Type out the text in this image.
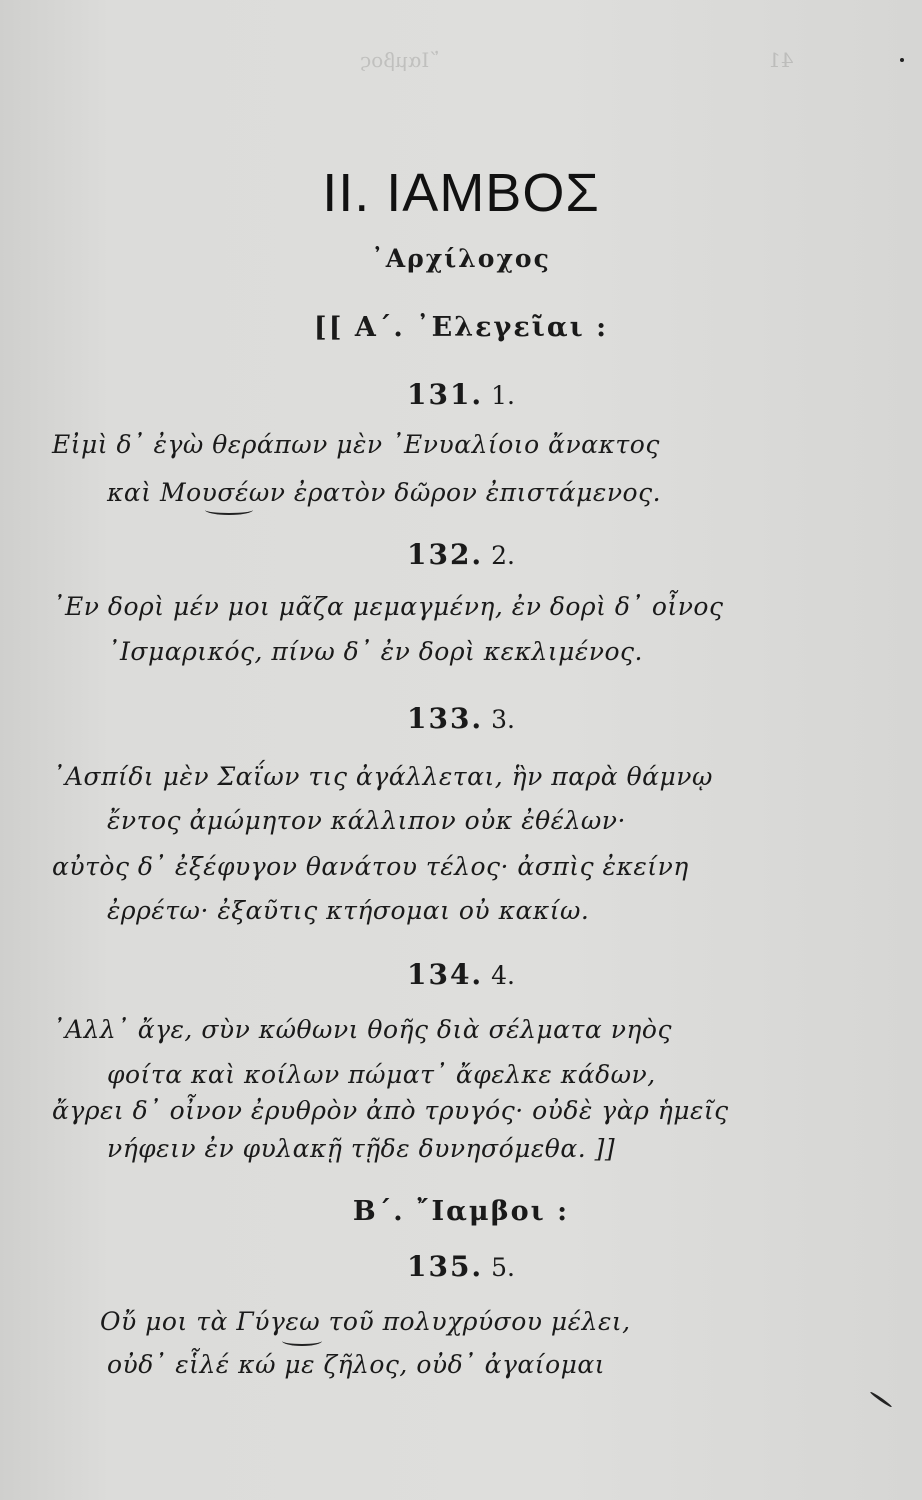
῞Ιαμβος	41
II. ΙΑΜΒΟΣ
᾿Αρχίλοχος
[[ Α΄. ᾿Ελεγεῖαι :
131. 1.
Εἰμὶ δ᾿ ἐγὼ θεράπων μὲν ᾿Ενυαλίοιο ἄνακτος
καὶ Μουσέων ἐρατὸν δῶρον ἐπιστάμενος.
132. 2.
᾿Εν δορὶ μέν μοι μᾶζα μεμαγμένη, ἐν δορὶ δ᾿ οἶνος
᾿Ισμαρικός, πίνω δ᾿ ἐν δορὶ κεκλιμένος.
133. 3.
᾿Ασπίδι μὲν Σαΐων τις ἀγάλλεται, ἣν παρὰ θάμνῳ
ἔντος ἀμώμητον κάλλιπον οὐκ ἐθέλων·
αὐτὸς δ᾿ ἐξέφυγον θανάτου τέλος· ἀσπὶς ἐκείνη
ἐρρέτω· ἐξαῦτις κτήσομαι οὐ κακίω.
134. 4.
᾿Αλλ᾿ ἄγε, σὺν κώθωνι θοῆς διὰ σέλματα νηὸς
φοίτα καὶ κοίλων πώματ᾿ ἄφελκε κάδων,
ἄγρει δ᾿ οἶνον ἐρυθρὸν ἀπὸ τρυγός· οὐδὲ γὰρ ἡμεῖς
νήφειν ἐν φυλακῇ τῇδε δυνησόμεθα. ]]
Β΄. ῎Ιαμβοι :
135. 5.
Οὔ μοι τὰ Γύγεω τοῦ πολυχρύσου μέλει,
οὐδ᾿ εἷλέ κώ με ζῆλος, οὐδ᾿ ἀγαίομαι
